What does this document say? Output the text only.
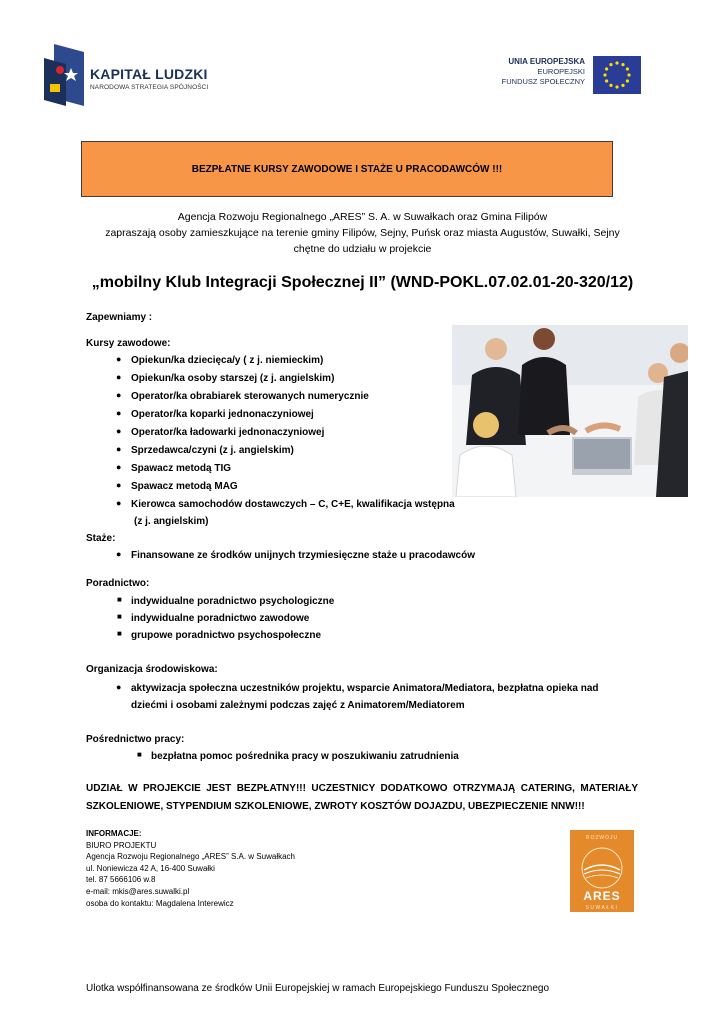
KAPITAŁ LUDZKI
NARODOWA STRATEGIA SPÓJNOŚCI
UNIA EUROPEJSKA
EUROPEJSKI
FUNDUSZ SPOŁECZNY
BEZPŁATNE KURSY ZAWODOWE I STAŻE U PRACODAWCÓW !!!
Agencja Rozwoju Regionalnego „ARES” S. A. w Suwałkach oraz Gmina Filipów
zapraszają osoby zamieszkujące na terenie gminy Filipów, Sejny, Puńsk oraz miasta Augustów, Suwałki, Sejny
chętne do udziału w projekcie
„mobilny Klub Integracji Społecznej II” (WND-POKL.07.02.01-20-320/12)
Zapewniamy :
Kursy zawodowe:
● Opiekun/ka dziecięca/y ( z j. niemieckim)
● Opiekun/ka osoby starszej (z j. angielskim)
● Operator/ka obrabiarek sterowanych numerycznie
● Operator/ka koparki jednonaczyniowej
● Operator/ka ładowarki jednonaczyniowej
● Sprzedawca/czyni (z j. angielskim)
● Spawacz metodą TIG
● Spawacz metodą MAG
● Kierowca samochodów dostawczych – C, C+E, kwalifikacja wstępna
(z j. angielskim)
Staże:
● Finansowane ze środków unijnych trzymiesięczne staże u pracodawców
Poradnictwo:
■ indywidualne poradnictwo psychologiczne
■ indywidualne poradnictwo zawodowe
■ grupowe poradnictwo psychospołeczne
Organizacja środowiskowa:
● aktywizacja społeczna uczestników projektu, wsparcie Animatora/Mediatora, bezpłatna opieka nad
dziećmi i osobami zależnymi podczas zajęć z Animatorem/Mediatorem
Pośrednictwo pracy:
■ bezpłatna pomoc pośrednika pracy w poszukiwaniu zatrudnienia
UDZIAŁ W PROJEKCIE JEST BEZPŁATNY!!! UCZESTNICY DODATKOWO OTRZYMAJĄ CATERING, MATERIAŁY SZKOLENIOWE, STYPENDIUM SZKOLENIOWE, ZWROTY KOSZTÓW DOJAZDU, UBEZPIECZENIE NNW!!!
INFORMACJE:
BIURO PROJEKTU
Agencja Rozwoju Regionalnego „ARES” S.A. w Suwałkach
ul. Noniewicza 42 A, 16-400 Suwałki
tel. 87 5666106 w.8
e-mail: mkis@ares.suwalki.pl
osoba do kontaktu: Magdalena Interewicz
ROZWOJU
ARES
SUWAŁKI
Ulotka współfinansowana ze środków Unii Europejskiej w ramach Europejskiego Funduszu Społecznego
